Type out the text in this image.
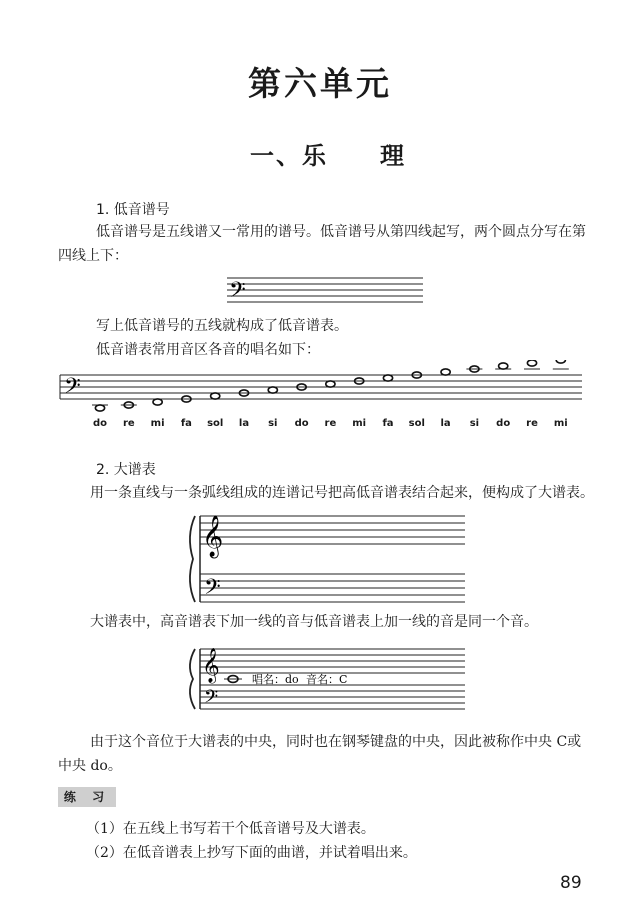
第六单元
一、乐 理
1. 低音谱号
低音谱号是五线谱又一常用的谱号。低音谱号从第四线起写，两个圆点分写在第
四线上下：
𝄢
写上低音谱号的五线就构成了低音谱表。
低音谱表常用音区各音的唱名如下：
𝄢
do re mi fa sol la si do re mi fa sol la si do re mi
2. 大谱表
用一条直线与一条弧线组成的连谱记号把高低音谱表结合起来，便构成了大谱表。
𝄞
𝄢
大谱表中，高音谱表下加一线的音与低音谱表上加一线的音是同一个音。
𝄞
𝄢
唱名：do 音名：C
由于这个音位于大谱表的中央，同时也在钢琴键盘的中央，因此被称作中央 C或
中央 do。
练 习
（1）在五线上书写若干个低音谱号及大谱表。
（2）在低音谱表上抄写下面的曲谱，并试着唱出来。
89
